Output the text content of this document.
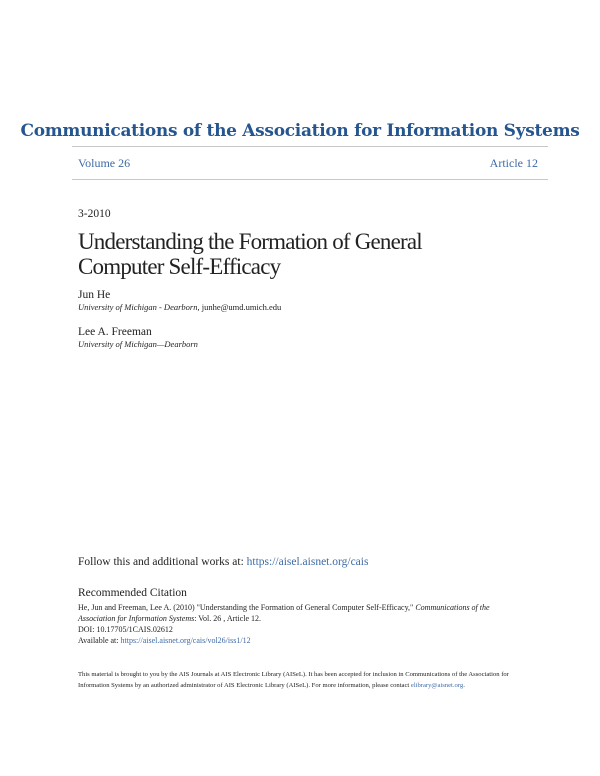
Communications of the Association for Information Systems
Volume 26	Article 12
3-2010
Understanding the Formation of General
Computer Self-Efficacy
Jun He
University of Michigan - Dearborn, junhe@umd.umich.edu
Lee A. Freeman
University of Michigan—Dearborn
Follow this and additional works at: https://aisel.aisnet.org/cais
Recommended Citation
He, Jun and Freeman, Lee A. (2010) "Understanding the Formation of General Computer Self-Efficacy," Communications of the Association for Information Systems: Vol. 26 , Article 12.
DOI: 10.17705/1CAIS.02612
Available at: https://aisel.aisnet.org/cais/vol26/iss1/12
This material is brought to you by the AIS Journals at AIS Electronic Library (AISeL). It has been accepted for inclusion in Communications of the Association for Information Systems by an authorized administrator of AIS Electronic Library (AISeL). For more information, please contact elibrary@aisnet.org.
